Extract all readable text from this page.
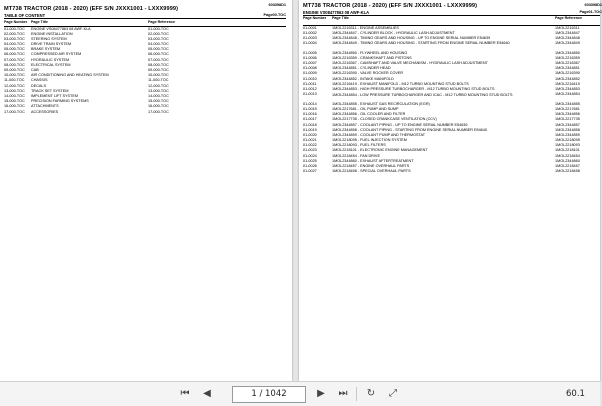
603398D1
MT738 TRACTOR (2018 - 2020) (EFF S/N JXXX1001 - LXXX9999)
TABLE OF CONTENT	Page00-TOC
Page Number Page Title	Page Reference
01-000-TOC ENGINE VS08477863 08 AWF-KLA	01-000-TOC
02-000-TOC ENGINE INSTALLATION	02-000-TOC
03-000-TOC STEERING SYSTEM	03-000-TOC
04-000-TOC DRIVE TRAIN SYSTEM	04-000-TOC
05-000-TOC BRAKE SYSTEM	05-000-TOC
06-000-TOC COMPRESSED AIR SYSTEM	06-000-TOC
07-000-TOC HYDRAULIC SYSTEM	07-000-TOC
08-000-TOC ELECTRICAL SYSTEM	08-000-TOC
09-000-TOC CAB	09-000-TOC
10-000-TOC AIR CONDITIONING AND HEATING SYSTEM	10-000-TOC
11-000-TOC CHASSIS	11-000-TOC
12-000-TOC DECALS	12-000-TOC
13-000-TOC TRACK SET SYSTEM	13-000-TOC
14-000-TOC IMPLEMENT LIFT SYSTEM	14-000-TOC
15-000-TOC PRECISION FARMING SYSTEMS	15-000-TOC
16-000-TOC ATTACHMENTS	16-000-TOC
17-000-TOC ACCESSORIES	17-000-TOC
MT738 TRACTOR (2018 - 2020) (EFF S/N JXXX1001 - LXXX9999)	603398D1
ENGINE VS08477863 08 AWF-KLA	Page01-TOC
Page Number Page Title	Page Reference
01-0001	1MOL2216311 - ENGINE ASSEMBLIES	1MOL2216311
01-0002	1MOL2344847 - CYLINDER BLOCK - HYDRAULIC LASH ADJUSTMENT	1MOL2344847
01-0003	1MOL2344848 - TIMING GEARS AND HOUSING - UP TO ENGINE SERIAL NUMBER E54639	1MOL2344848
01-0004	1MOL2344849 - TIMING GEARS AND HOUSING - STARTING FROM ENGINE SERIAL NUMBER E54640	1MOL2344849
01-0005	1MOL2344850 - FLYWHEEL AND HOUSING	1MOL2344850
01-0006	1MOL2216359 - CRANKSHAFT AND PISTONS	1MOL2216359
01-0007	1MOL2216367 - CAMSHAFT AND VALVE MECHANISM - HYDRAULIC LASH ADJUSTMENT	1MOL2216367
01-0008	1MOL2344851 - CYLINDER HEAD	1MOL2344851
01-0009	1MOL2216390 - VALVE ROCKER COVER	1MOL2216390
01-0010	1MOL2344852 - INTAKE MANIFOLD	1MOL2344852
01-0011	1MOL2216419 - EXHAUST MANIFOLD - M12 TURBO MOUNTING STUD BOLTS	1MOL2216419
01-0012	1MOL2344853 - HIGH PRESSURE TURBOCHARGER - M12 TURBO MOUNTING STUD BOLTS	1MOL2344853
01-0013	1MOL2344854 - LOW PRESSURE TURBOCHARGER AND ICAC - M12 TURBO MOUNTING STUD BOLTS	1MOL2344854
01-0014	1MOL2344855 - EXHAUST GAS RECIRCULATION (EGR)	1MOL2344855
01-0015	1MOL2217681 - OIL PUMP AND SUMP	1MOL2217681
01-0016	1MOL2344856 - OIL COOLER AND FILTER	1MOL2344856
01-0017	1MOL2217735 - CLOSED CRANKCASE VENTILATION (CCV)	1MOL2217735
01-0018	1MOL2344857 - COOLANT PIPING - UP TO ENGINE SERIAL NUMBER E54639	1MOL2344857
01-0019	1MOL2344858 - COOLANT PIPING - STARTING FROM ENGINE SERIAL NUMBER E54640	1MOL2344858
01-0020	1MOL2344859 - COOLANT PUMP AND THERMOSTAT	1MOL2344859
01-0021	1MOL2218095 - FUEL INJECTION SYSTEM	1MOL2218095
01-0022	1MOL2218093 - FUEL FILTERS	1MOL2218093
01-0023	1MOL2218101 - ELECTRONIC ENGINE MANAGEMENT	1MOL2218101
01-0024	1MOL2218454 - FAN DRIVE	1MOL2218454
01-0025	1MOL2344860 - EXHAUST AFTERTREATMENT	1MOL2344860
01-0026	1MOL2218457 - ENGINE OVERHAUL PARTS	1MOL2218457
01-0027	1MOL2218458 - SPECIAL OVERHAUL PARTS	1MOL2218458
⏮	◀	1 / 1042	▶	⏭ ↻	⤢	60.1
